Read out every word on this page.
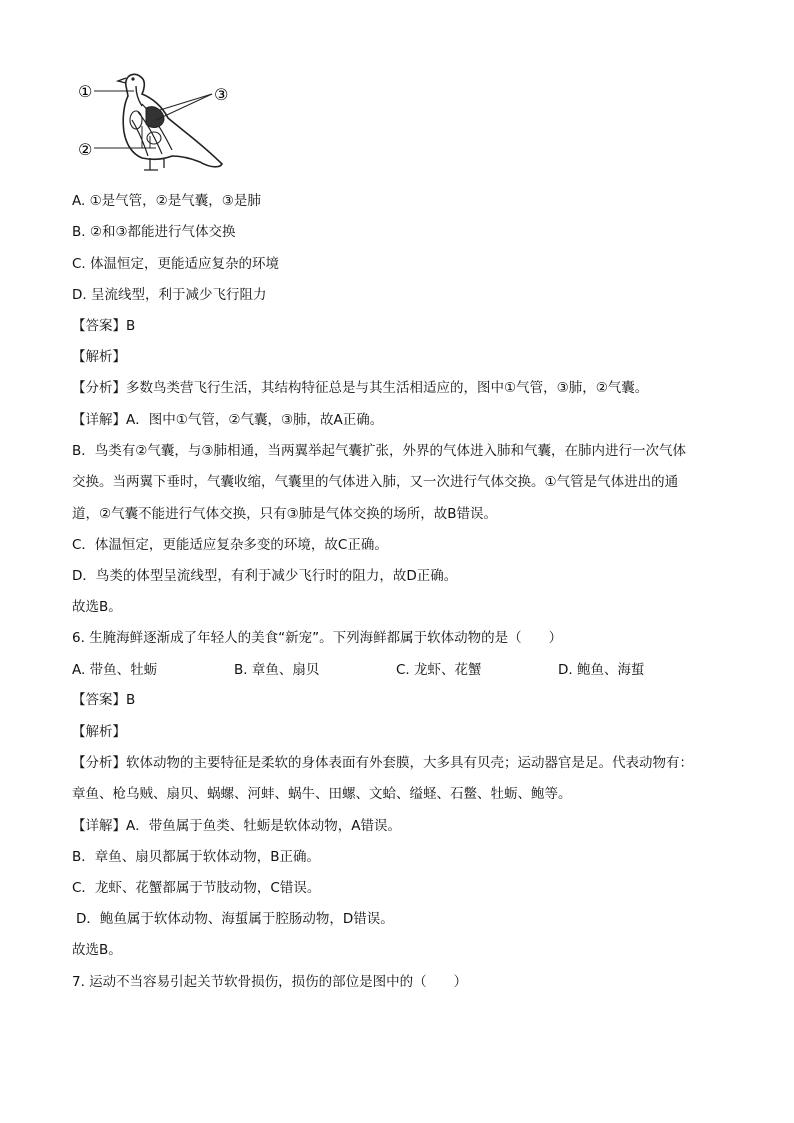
①
②
③
A. ①是气管，②是气囊，③是肺
B. ②和③都能进行气体交换
C. 体温恒定，更能适应复杂的环境
D. 呈流线型，利于减少飞行阻力
【答案】B
【解析】
【分析】多数鸟类营飞行生活，其结构特征总是与其生活相适应的，图中①气管，③肺，②气囊。
【详解】A．图中①气管，②气囊，③肺，故A正确。
B．鸟类有②气囊，与③肺相通，当两翼举起气囊扩张，外界的气体进入肺和气囊，在肺内进行一次气体
交换。当两翼下垂时，气囊收缩，气囊里的气体进入肺，又一次进行气体交换。①气管是气体进出的通
道，②气囊不能进行气体交换，只有③肺是气体交换的场所，故B错误。
C．体温恒定，更能适应复杂多变的环境，故C正确。
D．鸟类的体型呈流线型，有利于减少飞行时的阻力，故D正确。
故选B。
6. 生腌海鲜逐渐成了年轻人的美食“新宠”。下列海鲜都属于软体动物的是（　　）
A. 带鱼、牡蛎	B. 章鱼、扇贝	C. 龙虾、花蟹	D. 鲍鱼、海蜇
【答案】B
【解析】
【分析】软体动物的主要特征是柔软的身体表面有外套膜，大多具有贝壳；运动器官是足。代表动物有：
章鱼、枪乌贼、扇贝、蜗螺、河蚌、蜗牛、田螺、文蛤、缢蛏、石鳖、牡蛎、鲍等。
【详解】A．带鱼属于鱼类、牡蛎是软体动物，A错误。
B．章鱼、扇贝都属于软体动物，B正确。
C．龙虾、花蟹都属于节肢动物，C错误。
D．鲍鱼属于软体动物、海蜇属于腔肠动物，D错误。
故选B。
7. 运动不当容易引起关节软骨损伤，损伤的部位是图中的（　　）
